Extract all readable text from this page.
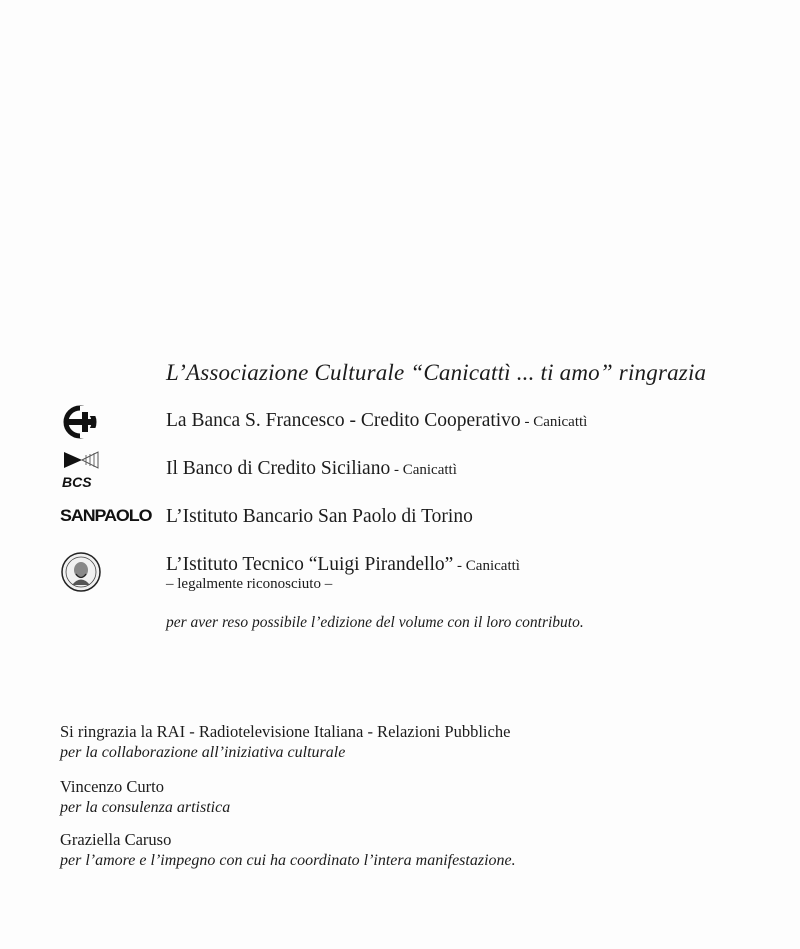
L’Associazione Culturale “Canicattì ... ti amo” ringrazia
La Banca S. Francesco - Credito Cooperativo - Canicattì
BCS
Il Banco di Credito Siciliano - Canicattì
SANPAOLO L’Istituto Bancario San Paolo di Torino
L’Istituto Tecnico “Luigi Pirandello” - Canicattì
– legalmente riconosciuto –
per aver reso possibile l’edizione del volume con il loro contributo.
Si ringrazia la RAI - Radiotelevisione Italiana - Relazioni Pubbliche
per la collaborazione all’iniziativa culturale
Vincenzo Curto
per la consulenza artistica
Graziella Caruso
per l’amore e l’impegno con cui ha coordinato l’intera manifestazione.
